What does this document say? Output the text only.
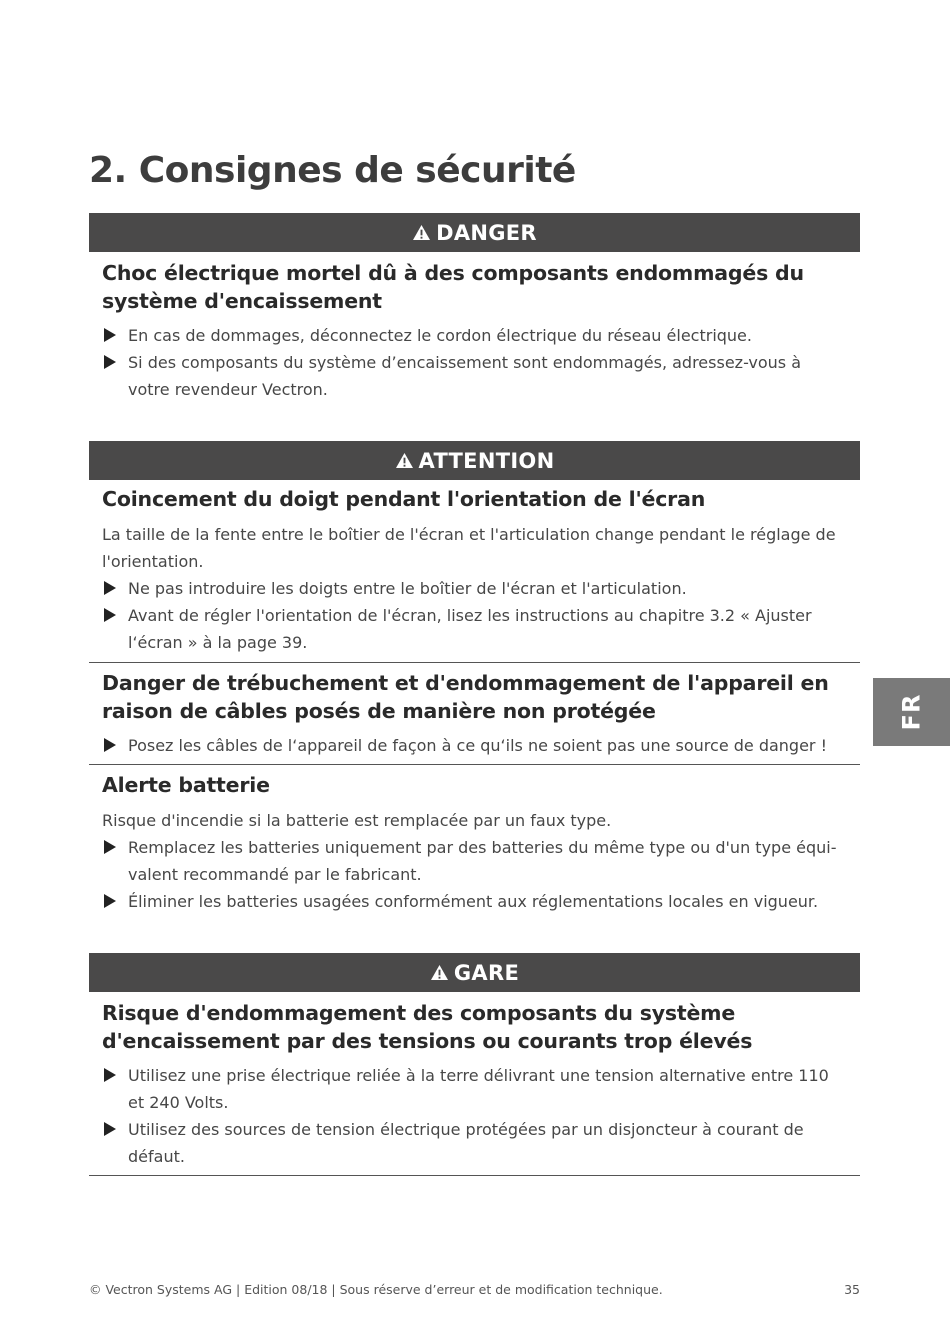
2. Consignes de sécurité
DANGER
Choc électrique mortel dû à des composants endommagés du système d'encaissement
En cas de dommages, déconnectez le cordon électrique du réseau électrique.
Si des composants du système d’encaissement sont endommagés, adressez-vous à votre revendeur Vectron.
ATTENTION
Coincement du doigt pendant l'orientation de l'écran

La taille de la fente entre le boîtier de l'écran et l'articulation change pendant le réglage de l'orientation.

Ne pas introduire les doigts entre le boîtier de l'écran et l'articulation.
Avant de régler l'orientation de l'écran, lisez les instructions au chapitre 3.2 « Ajuster l‘écran » à la page 39.
Danger de trébuchement et d'endommagement de l'appareil en raison de câbles posés de manière non protégée
Posez les câbles de l‘appareil de façon à ce qu‘ils ne soient pas une source de danger !
Alerte batterie

Risque d'incendie si la batterie est remplacée par un faux type.

Remplacez les batteries uniquement par des batteries du même type ou d'un type équi-valent recommandé par le fabricant.
Éliminer les batteries usagées conformément aux réglementations locales en vigueur.
GARE
Risque d'endommagement des composants du système d'encaissement par des tensions ou courants trop élevés
Utilisez une prise électrique reliée à la terre délivrant une tension alternative entre 110 et 240 Volts.
Utilisez des sources de tension électrique protégées par un disjoncteur à courant de défaut.
FR
© Vectron Systems AG | Edition 08/18 | Sous réserve d’erreur et de modification technique.	35
